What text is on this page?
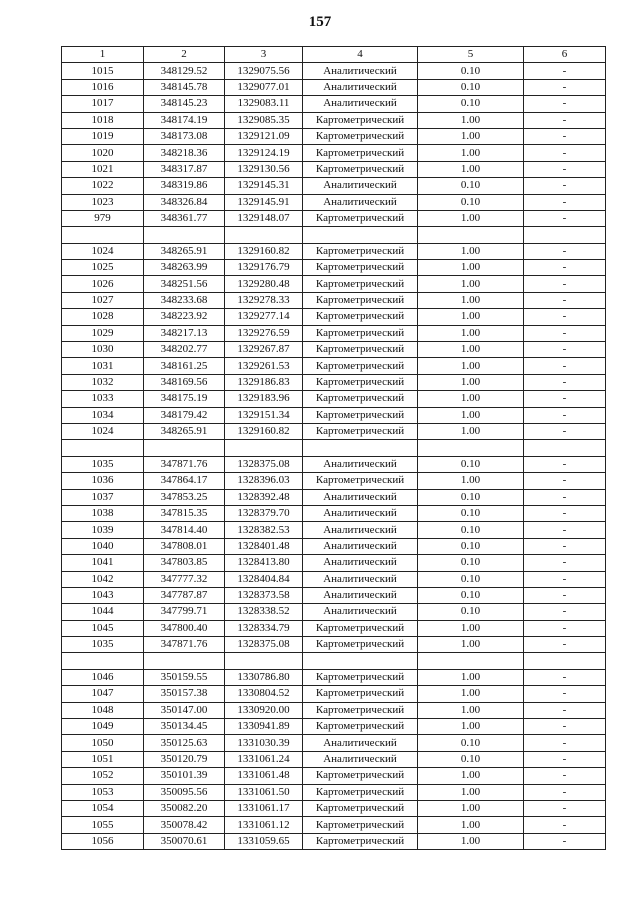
157
1	2	3	4	5	6
1015	348129.52	1329075.56	Аналитический	0.10	-
1016	348145.78	1329077.01	Аналитический	0.10	-
1017	348145.23	1329083.11	Аналитический	0.10	-
1018	348174.19	1329085.35	Картометрический	1.00	-
1019	348173.08	1329121.09	Картометрический	1.00	-
1020	348218.36	1329124.19	Картометрический	1.00	-
1021	348317.87	1329130.56	Картометрический	1.00	-
1022	348319.86	1329145.31	Аналитический	0.10	-
1023	348326.84	1329145.91	Аналитический	0.10	-
979	348361.77	1329148.07	Картометрический	1.00	-

1024	348265.91	1329160.82	Картометрический	1.00	-
1025	348263.99	1329176.79	Картометрический	1.00	-
1026	348251.56	1329280.48	Картометрический	1.00	-
1027	348233.68	1329278.33	Картометрический	1.00	-
1028	348223.92	1329277.14	Картометрический	1.00	-
1029	348217.13	1329276.59	Картометрический	1.00	-
1030	348202.77	1329267.87	Картометрический	1.00	-
1031	348161.25	1329261.53	Картометрический	1.00	-
1032	348169.56	1329186.83	Картометрический	1.00	-
1033	348175.19	1329183.96	Картометрический	1.00	-
1034	348179.42	1329151.34	Картометрический	1.00	-
1024	348265.91	1329160.82	Картометрический	1.00	-

1035	347871.76	1328375.08	Аналитический	0.10	-
1036	347864.17	1328396.03	Картометрический	1.00	-
1037	347853.25	1328392.48	Аналитический	0.10	-
1038	347815.35	1328379.70	Аналитический	0.10	-
1039	347814.40	1328382.53	Аналитический	0.10	-
1040	347808.01	1328401.48	Аналитический	0.10	-
1041	347803.85	1328413.80	Аналитический	0.10	-
1042	347777.32	1328404.84	Аналитический	0.10	-
1043	347787.87	1328373.58	Аналитический	0.10	-
1044	347799.71	1328338.52	Аналитический	0.10	-
1045	347800.40	1328334.79	Картометрический	1.00	-
1035	347871.76	1328375.08	Картометрический	1.00	-

1046	350159.55	1330786.80	Картометрический	1.00	-
1047	350157.38	1330804.52	Картометрический	1.00	-
1048	350147.00	1330920.00	Картометрический	1.00	-
1049	350134.45	1330941.89	Картометрический	1.00	-
1050	350125.63	1331030.39	Аналитический	0.10	-
1051	350120.79	1331061.24	Аналитический	0.10	-
1052	350101.39	1331061.48	Картометрический	1.00	-
1053	350095.56	1331061.50	Картометрический	1.00	-
1054	350082.20	1331061.17	Картометрический	1.00	-
1055	350078.42	1331061.12	Картометрический	1.00	-
1056	350070.61	1331059.65	Картометрический	1.00	-
